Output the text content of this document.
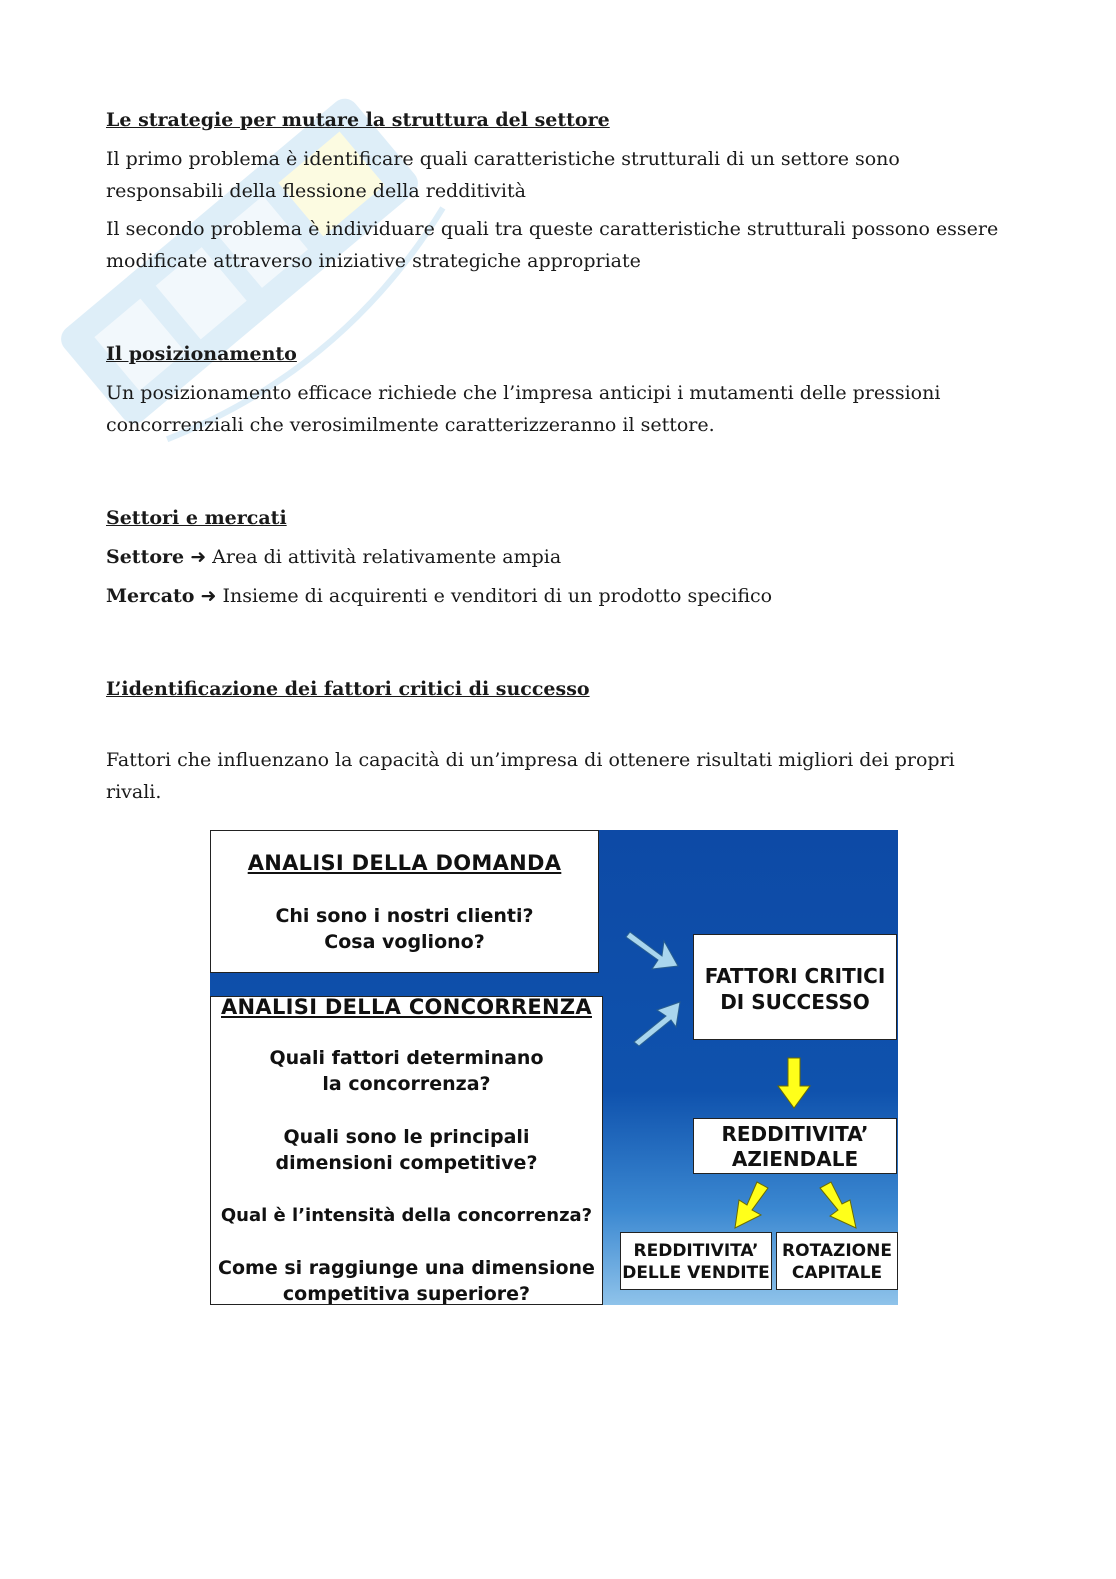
Le strategie per mutare la struttura del settore

Il primo problema è identificare quali caratteristiche strutturali di un settore sono responsabili della flessione della redditività

Il secondo problema è individuare quali tra queste caratteristiche strutturali possono essere modificate attraverso iniziative strategiche appropriate

Il posizionamento

Un posizionamento efficace richiede che l’impresa anticipi i mutamenti delle pressioni concorrenziali che verosimilmente caratterizzeranno il settore.

Settori e mercati

Settore ➜ Area di attività relativamente ampia

Mercato ➜ Insieme di acquirenti e venditori di un prodotto specifico

L’identificazione dei fattori critici di successo

Fattori che influenzano la capacità di un’impresa di ottenere risultati migliori dei propri rivali.

ANALISI DELLA DOMANDA
Chi sono i nostri clienti?
Cosa vogliono?
ANALISI DELLA CONCORRENZA
Quali fattori determinano
la concorrenza?
Quali sono le principali
dimensioni competitive?
Qual è l’intensità della concorrenza?
Come si raggiunge una dimensione
competitiva superiore?
FATTORI CRITICI
DI SUCCESSO
REDDITIVITA’
AZIENDALE
REDDITIVITA’
DELLE VENDITE
ROTAZIONE
CAPITALE
